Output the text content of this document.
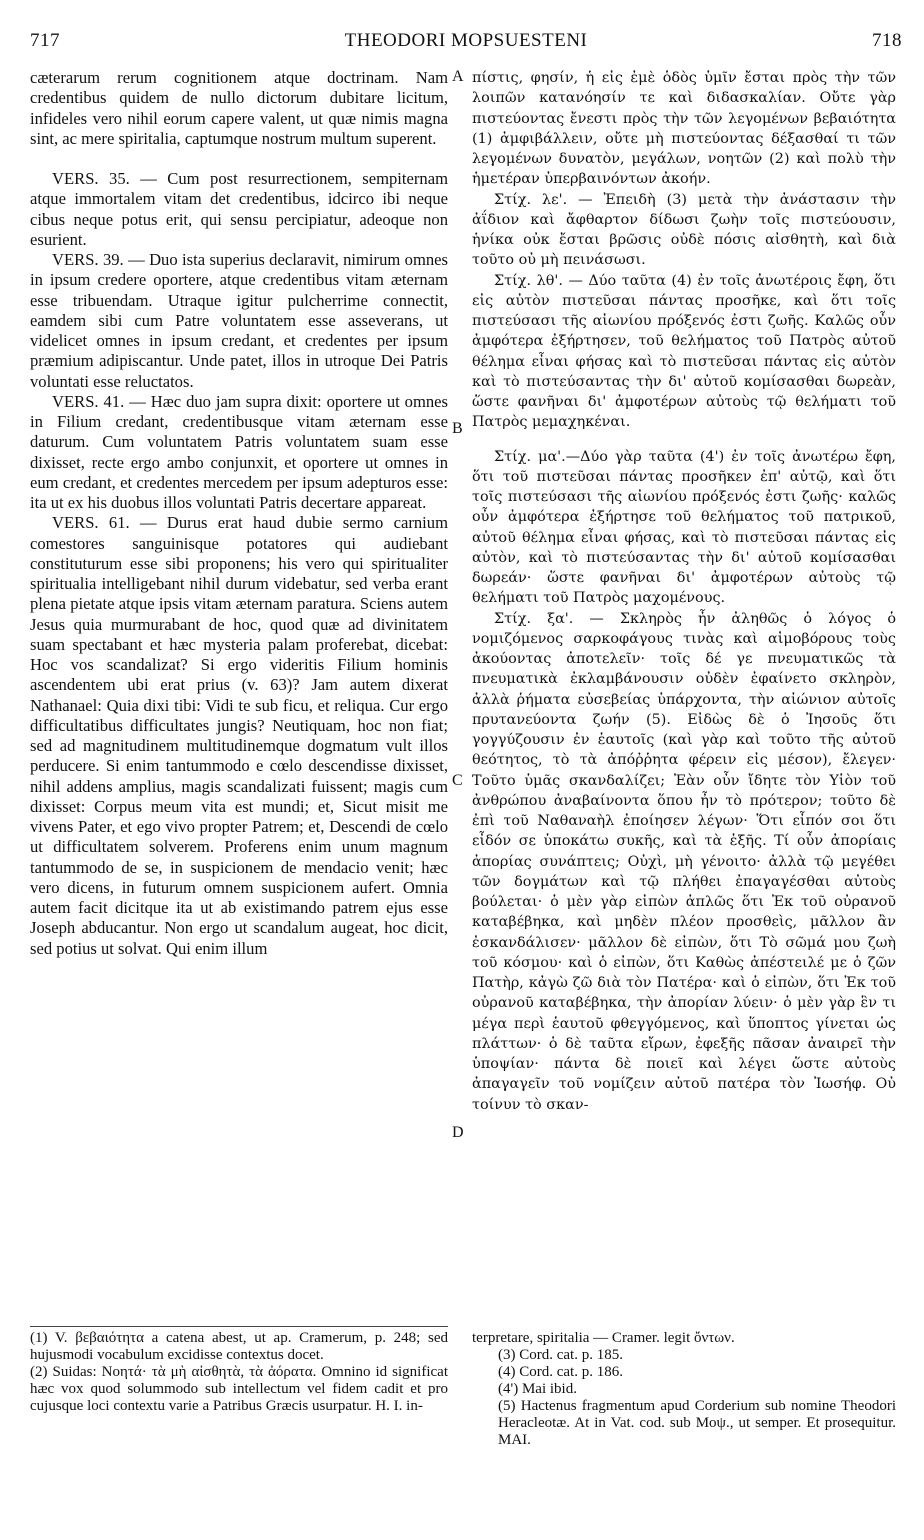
717	THEODORI MOPSUESTENI	718

cæterarum rerum cognitionem atque doctrinam. Nam credentibus quidem de nullo dictorum dubitare licitum, infideles vero nihil eorum capere valent, ut quæ nimis magna sint, ac mere spiritalia, captumque nostrum multum superent.

VERS. 35. — Cum post resurrectionem, sempiternam atque immortalem vitam det credentibus, idcirco ibi neque cibus neque potus erit, qui sensu percipiatur, adeoque non esurient.

VERS. 39. — Duo ista superius declaravit, nimirum omnes in ipsum credere oportere, atque credentibus vitam æternam esse tribuendam. Utraque igitur pulcherrime connectit, eamdem sibi cum Patre voluntatem esse asseverans, ut videlicet omnes in ipsum credant, et credentes per ipsum præmium adipiscantur. Unde patet, illos in utroque Dei Patris voluntati esse reluctatos.

VERS. 41. — Hæc duo jam supra dixit: oportere ut omnes in Filium credant, credentibusque vitam æternam esse daturum. Cum voluntatem Patris voluntatem suam esse dixisset, recte ergo ambo conjunxit, et oportere ut omnes in eum credant, et credentes mercedem per ipsum adepturos esse: ita ut ex his duobus illos voluntati Patris decertare appareat.

VERS. 61. — Durus erat haud dubie sermo carnium comestores sanguinisque potatores qui audiebant constituturum esse sibi proponens; his vero qui spiritualiter spiritualia intelligebant nihil durum videbatur, sed verba erant plena pietate atque ipsis vitam æternam paratura. Sciens autem Jesus quia murmurabant de hoc, quod quæ ad divinitatem suam spectabant et hæc mysteria palam proferebat, dicebat: Hoc vos scandalizat? Si ergo videritis Filium hominis ascendentem ubi erat prius (v. 63)? Jam autem dixerat Nathanael: Quia dixi tibi: Vidi te sub ficu, et reliqua. Cur ergo difficultatibus difficultates jungis? Neutiquam, hoc non fiat; sed ad magnitudinem multitudinemque dogmatum vult illos perducere. Si enim tantummodo e cœlo descendisse dixisset, nihil addens amplius, magis scandalizati fuissent; magis cum dixisset: Corpus meum vita est mundi; et, Sicut misit me vivens Pater, et ego vivo propter Patrem; et, Descendi de cœlo ut difficultatem solverem. Proferens enim unum magnum tantummodo de se, in suspicionem de mendacio venit; hæc vero dicens, in futurum omnem suspicionem aufert. Omnia autem facit dicitque ita ut ab existimando patrem ejus esse Joseph abducantur. Non ergo ut scandalum augeat, hoc dicit, sed potius ut solvat. Qui enim illum

A
B
C
D

πίστις, φησίν, ἡ εἰς ἐμὲ ὁδὸς ὑμῖν ἔσται πρὸς τὴν τῶν λοιπῶν κατανόησίν τε καὶ διδασκαλίαν. Οὔτε γὰρ πιστεύοντας ἔνεστι πρὸς τὴν τῶν λεγομένων βεβαιότητα (1) ἀμφιβάλλειν, οὔτε μὴ πιστεύοντας δέξασθαί τι τῶν λεγομένων δυνατὸν, μεγάλων, νοητῶν (2) καὶ πολὺ τὴν ἡμετέραν ὑπερβαινόντων ἀκοήν.

Στίχ. λε'. — Ἐπειδὴ (3) μετὰ τὴν ἀνάστασιν τὴν ἀΐδιον καὶ ἄφθαρτον δίδωσι ζωὴν τοῖς πιστεύουσιν, ἡνίκα οὐκ ἔσται βρῶσις οὐδὲ πόσις αἰσθητὴ, καὶ διὰ τοῦτο οὐ μὴ πεινάσωσι.

Στίχ. λθ'. — Δύο ταῦτα (4) ἐν τοῖς ἀνωτέροις ἔφη, ὅτι εἰς αὐτὸν πιστεῦσαι πάντας προσῆκε, καὶ ὅτι τοῖς πιστεύσασι τῆς αἰωνίου πρόξενός ἐστι ζωῆς. Καλῶς οὖν ἀμφότερα ἐξήρτησεν, τοῦ θελήματος τοῦ Πατρὸς αὐτοῦ θέλημα εἶναι φήσας καὶ τὸ πιστεῦσαι πάντας εἰς αὐτὸν καὶ τὸ πιστεύσαντας τὴν δι' αὐτοῦ κομίσασθαι δωρεὰν, ὥστε φανῆναι δι' ἀμφοτέρων αὐτοὺς τῷ θελήματι τοῦ Πατρὸς μεμαχηκέναι.

Στίχ. μα'.—Δύο γὰρ ταῦτα (4') ἐν τοῖς ἀνωτέρω ἔφη, ὅτι τοῦ πιστεῦσαι πάντας προσῆκεν ἐπ' αὐτῷ, καὶ ὅτι τοῖς πιστεύσασι τῆς αἰωνίου πρόξενός ἐστι ζωῆς· καλῶς οὖν ἀμφότερα ἐξήρτησε τοῦ θελήματος τοῦ πατρικοῦ, αὐτοῦ θέλημα εἶναι φήσας, καὶ τὸ πιστεῦσαι πάντας εἰς αὐτὸν, καὶ τὸ πιστεύσαντας τὴν δι' αὐτοῦ κομίσασθαι δωρεάν· ὥστε φανῆναι δι' ἀμφοτέρων αὐτοὺς τῷ θελήματι τοῦ Πατρὸς μαχομένους.

Στίχ. ξα'. — Σκληρὸς ἦν ἀληθῶς ὁ λόγος ὁ νομιζόμενος σαρκοφάγους τινὰς καὶ αἱμοβόρους τοὺς ἀκούοντας ἀποτελεῖν· τοῖς δέ γε πνευματικῶς τὰ πνευματικὰ ἐκλαμβάνουσιν οὐδὲν ἐφαίνετο σκληρὸν, ἀλλὰ ῥήματα εὐσεβείας ὑπάρχοντα, τὴν αἰώνιον αὐτοῖς πρυτανεύοντα ζωήν (5). Εἰδὼς δὲ ὁ Ἰησοῦς ὅτι γογγύζουσιν ἐν ἑαυτοῖς (καὶ γὰρ καὶ τοῦτο τῆς αὐτοῦ θεότητος, τὸ τὰ ἀπόῤῥητα φέρειν εἰς μέσον), ἔλεγεν· Τοῦτο ὑμᾶς σκανδαλίζει; Ἐὰν οὖν ἴδητε τὸν Υἱὸν τοῦ ἀνθρώπου ἀναβαίνοντα ὅπου ἦν τὸ πρότερον; τοῦτο δὲ ἐπὶ τοῦ Ναθαναὴλ ἐποίησεν λέγων· Ὅτι εἶπόν σοι ὅτι εἶδόν σε ὑποκάτω συκῆς, καὶ τὰ ἑξῆς. Τί οὖν ἀπορίαις ἀπορίας συνάπτεις; Οὐχὶ, μὴ γένοιτο· ἀλλὰ τῷ μεγέθει τῶν δογμάτων καὶ τῷ πλήθει ἐπαγαγέσθαι αὐτοὺς βούλεται· ὁ μὲν γὰρ εἰπὼν ἁπλῶς ὅτι Ἐκ τοῦ οὐρανοῦ καταβέβηκα, καὶ μηδὲν πλέον προσθεὶς, μᾶλλον ἂν ἐσκανδάλισεν· μᾶλλον δὲ εἰπὼν, ὅτι Τὸ σῶμά μου ζωὴ τοῦ κόσμου· καὶ ὁ εἰπὼν, ὅτι Καθὼς ἀπέστειλέ με ὁ ζῶν Πατὴρ, κἀγὼ ζῶ διὰ τὸν Πατέρα· καὶ ὁ εἰπὼν, ὅτι Ἐκ τοῦ οὐρανοῦ καταβέβηκα, τὴν ἀπορίαν λύειν· ὁ μὲν γὰρ ἓν τι μέγα περὶ ἑαυτοῦ φθεγγόμενος, καὶ ὕποπτος γίνεται ὡς πλάττων· ὁ δὲ ταῦτα εἴρων, ἐφεξῆς πᾶσαν ἀναιρεῖ τὴν ὑποψίαν· πάντα δὲ ποιεῖ καὶ λέγει ὥστε αὐτοὺς ἀπαγαγεῖν τοῦ νομίζειν αὐτοῦ πατέρα τὸν Ἰωσήφ. Οὐ τοίνυν τὸ σκαν-

(1) V. βεβαιότητα a catena abest, ut ap. Cramerum, p. 248; sed hujusmodi vocabulum excidisse contextus docet.

(2) Suidas: Νοητά· τὰ μὴ αἰσθητὰ, τὰ ἀόρατα. Omnino id significat hæc vox quod solummodo sub intellectum vel fidem cadit et pro cujusque loci contextu varie a Patribus Græcis usurpatur. H. I. in-

terpretare, spiritalia — Cramer. legit ὄντων.

(3) Cord. cat. p. 185.

(4) Cord. cat. p. 186.

(4') Mai ibid.

(5) Hactenus fragmentum apud Corderium sub nomine Theodori Heracleotæ. At in Vat. cod. sub Μοψ., ut semper. Et prosequitur. MAI.
